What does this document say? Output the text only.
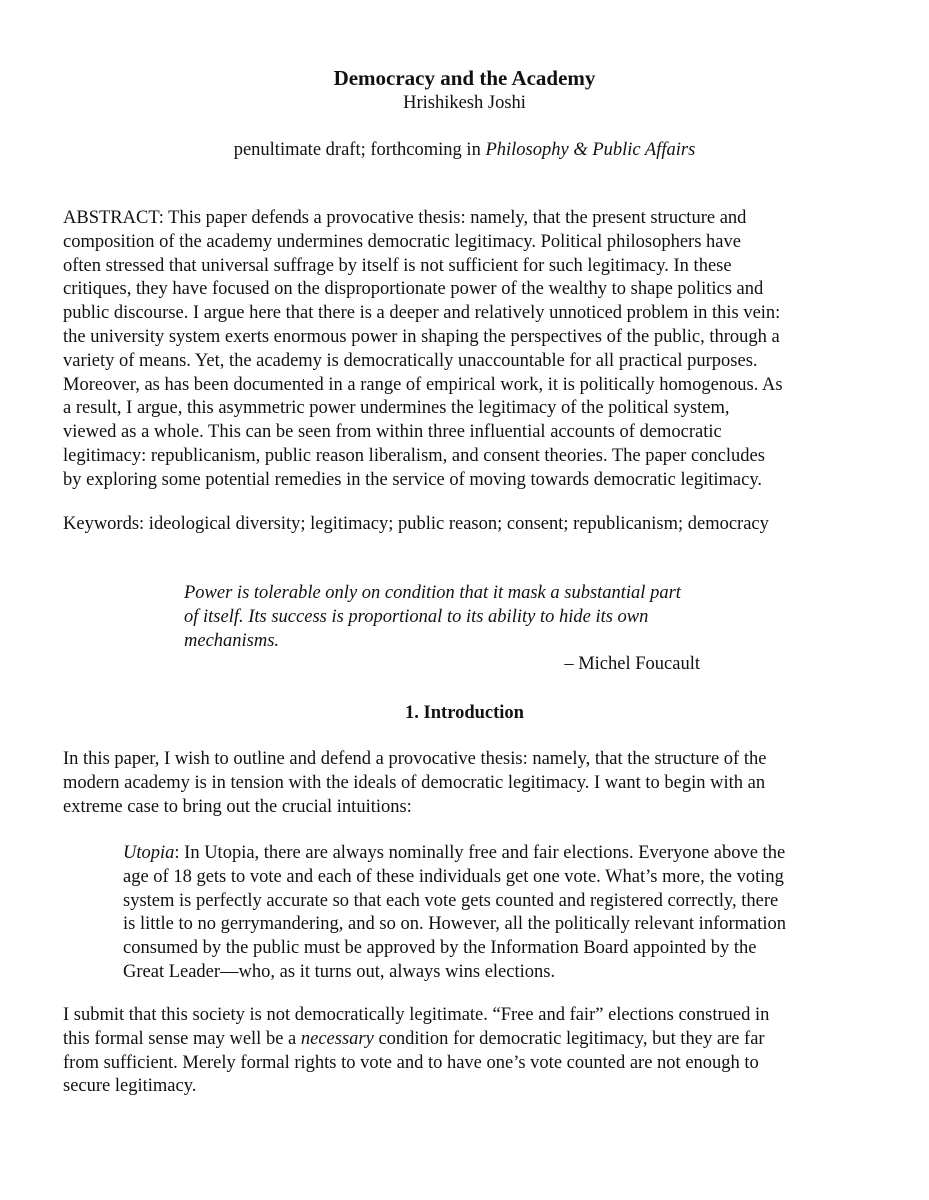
Democracy and the Academy
Hrishikesh Joshi
penultimate draft; forthcoming in Philosophy & Public Affairs

ABSTRACT: This paper defends a provocative thesis: namely, that the present structure and
composition of the academy undermines democratic legitimacy. Political philosophers have
often stressed that universal suffrage by itself is not sufficient for such legitimacy. In these
critiques, they have focused on the disproportionate power of the wealthy to shape politics and
public discourse. I argue here that there is a deeper and relatively unnoticed problem in this vein:
the university system exerts enormous power in shaping the perspectives of the public, through a
variety of means. Yet, the academy is democratically unaccountable for all practical purposes.
Moreover, as has been documented in a range of empirical work, it is politically homogenous. As
a result, I argue, this asymmetric power undermines the legitimacy of the political system,
viewed as a whole. This can be seen from within three influential accounts of democratic
legitimacy: republicanism, public reason liberalism, and consent theories. The paper concludes
by exploring some potential remedies in the service of moving towards democratic legitimacy.

Keywords: ideological diversity; legitimacy; public reason; consent; republicanism; democracy

Power is tolerable only on condition that it mask a substantial part
of itself. Its success is proportional to its ability to hide its own
mechanisms.

– Michel Foucault
1. Introduction

In this paper, I wish to outline and defend a provocative thesis: namely, that the structure of the
modern academy is in tension with the ideals of democratic legitimacy. I want to begin with an
extreme case to bring out the crucial intuitions:

Utopia: In Utopia, there are always nominally free and fair elections. Everyone above the
age of 18 gets to vote and each of these individuals get one vote. What’s more, the voting
system is perfectly accurate so that each vote gets counted and registered correctly, there
is little to no gerrymandering, and so on. However, all the politically relevant information
consumed by the public must be approved by the Information Board appointed by the
Great Leader—who, as it turns out, always wins elections.

I submit that this society is not democratically legitimate. “Free and fair” elections construed in
this formal sense may well be a necessary condition for democratic legitimacy, but they are far
from sufficient. Merely formal rights to vote and to have one’s vote counted are not enough to
secure legitimacy.
